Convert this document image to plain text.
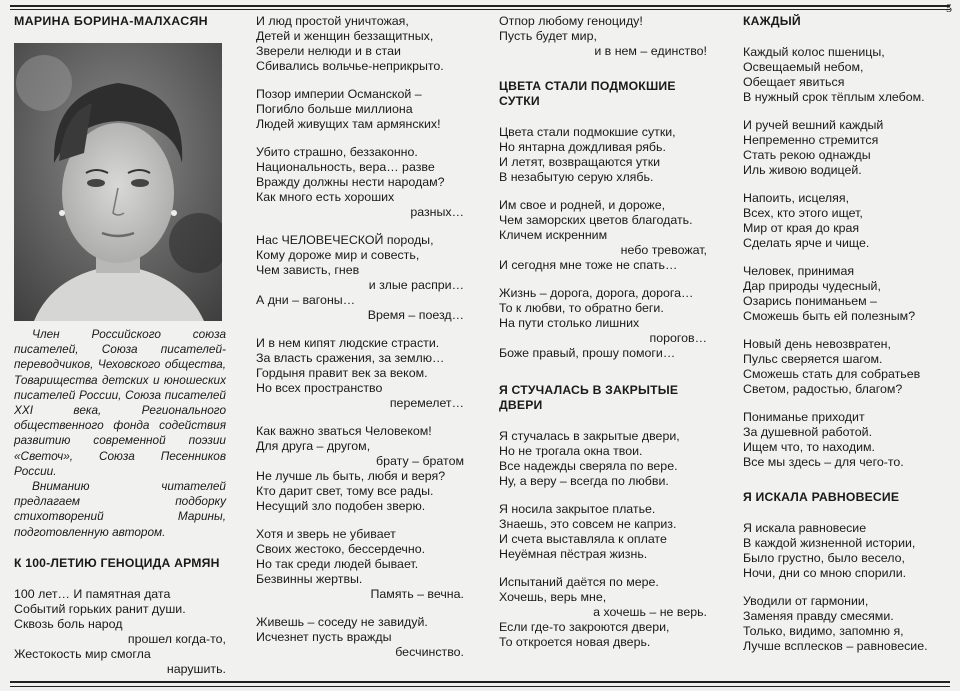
5
МАРИНА БОРИНА-МАЛХАСЯН

Член Российского союза писателей, Союза писателей-переводчиков, Чеховского общества, Товарищества детских и юношеских писателей России, Союза писателей XXI века, Регионального общественного фонда содействия развитию современной поэзии «Светоч», Союза Песенников России.

Вниманию читателей предлагаем подборку стихотворений Марины, подготовленную автором.

К 100-ЛЕТИЮ ГЕНОЦИДА АРМЯН
100 лет… И памятная дата
Событий горьких ранит души.
Сквозь боль народ
прошел когда-то,
Жестокость мир смогла
нарушить.
И люд простой уничтожая,
Детей и женщин беззащитных,
Зверели нелюди и в стаи
Сбивались вольчье-неприкрыто.
Позор империи Османской –
Погибло больше миллиона
Людей живущих там армянских!
Убито страшно, беззаконно.
Национальность, вера… разве
Вражду должны нести народам?
Как много есть хороших
разных…
Нас ЧЕЛОВЕЧЕСКОЙ породы,
Кому дороже мир и совесть,
Чем зависть, гнев
и злые распри…
А дни – вагоны…
Время – поезд…
И в нем кипят людские страсти.
За власть сражения, за землю…
Гордыня правит век за веком.
Но всех пространство
перемелет…
Как важно зваться Человеком!
Для друга – другом,
брату – братом
Не лучше ль быть, любя и веря?
Кто дарит свет, тому все рады.
Несущий зло подобен зверю.
Хотя и зверь не убивает
Своих жестоко, бессердечно.
Но так среди людей бывает.
Безвинны жертвы.
Память – вечна.
Живешь – соседу не завидуй.
Исчезнет пусть вражды
бесчинство.
Отпор любому геноциду!
Пусть будет мир,
и в нем – единство!
ЦВЕТА СТАЛИ ПОДМОКШИЕ СУТКИ
Цвета стали подмокшие сутки,
Но янтарна дождливая рябь.
И летят, возвращаются утки
В незабытую серую хлябь.
Им свое и родней, и дороже,
Чем заморских цветов благодать.
Кличем искренним
небо тревожат,
И сегодня мне тоже не спать…
Жизнь – дорога, дорога, дорога…
То к любви, то обратно беги.
На пути столько лишних
порогов…
Боже правый, прошу помоги…
Я СТУЧАЛАСЬ В ЗАКРЫТЫЕ ДВЕРИ
Я стучалась в закрытые двери,
Но не трогала окна твои.
Все надежды сверяла по вере.
Ну, а веру – всегда по любви.
Я носила закрытое платье.
Знаешь, это совсем не каприз.
И счета выставляла к оплате
Неуёмная пёстрая жизнь.
Испытаний даётся по мере.
Хочешь, верь мне,
а хочешь – не верь.
Если где-то закроются двери,
То откроется новая дверь.
КАЖДЫЙ
Каждый колос пшеницы,
Освещаемый небом,
Обещает явиться
В нужный срок тёплым хлебом.
И ручей вешний каждый
Непременно стремится
Стать рекою однажды
Иль живою водицей.
Напоить, исцеляя,
Всех, кто этого ищет,
Мир от края до края
Сделать ярче и чище.
Человек, принимая
Дар природы чудесный,
Озарись пониманьем –
Сможешь быть ей полезным?
Новый день невозвратен,
Пульс сверяется шагом.
Сможешь стать для собратьев
Светом, радостью, благом?
Пониманье приходит
За душевной работой.
Ищем что, то находим.
Все мы здесь – для чего-то.
Я ИСКАЛА РАВНОВЕСИЕ
Я искала равновесие
В каждой жизненной истории,
Было грустно, было весело,
Ночи, дни со мною спорили.
Уводили от гармонии,
Заменяя правду смесями.
Только, видимо, запомню я,
Лучше всплесков – равновесие.
